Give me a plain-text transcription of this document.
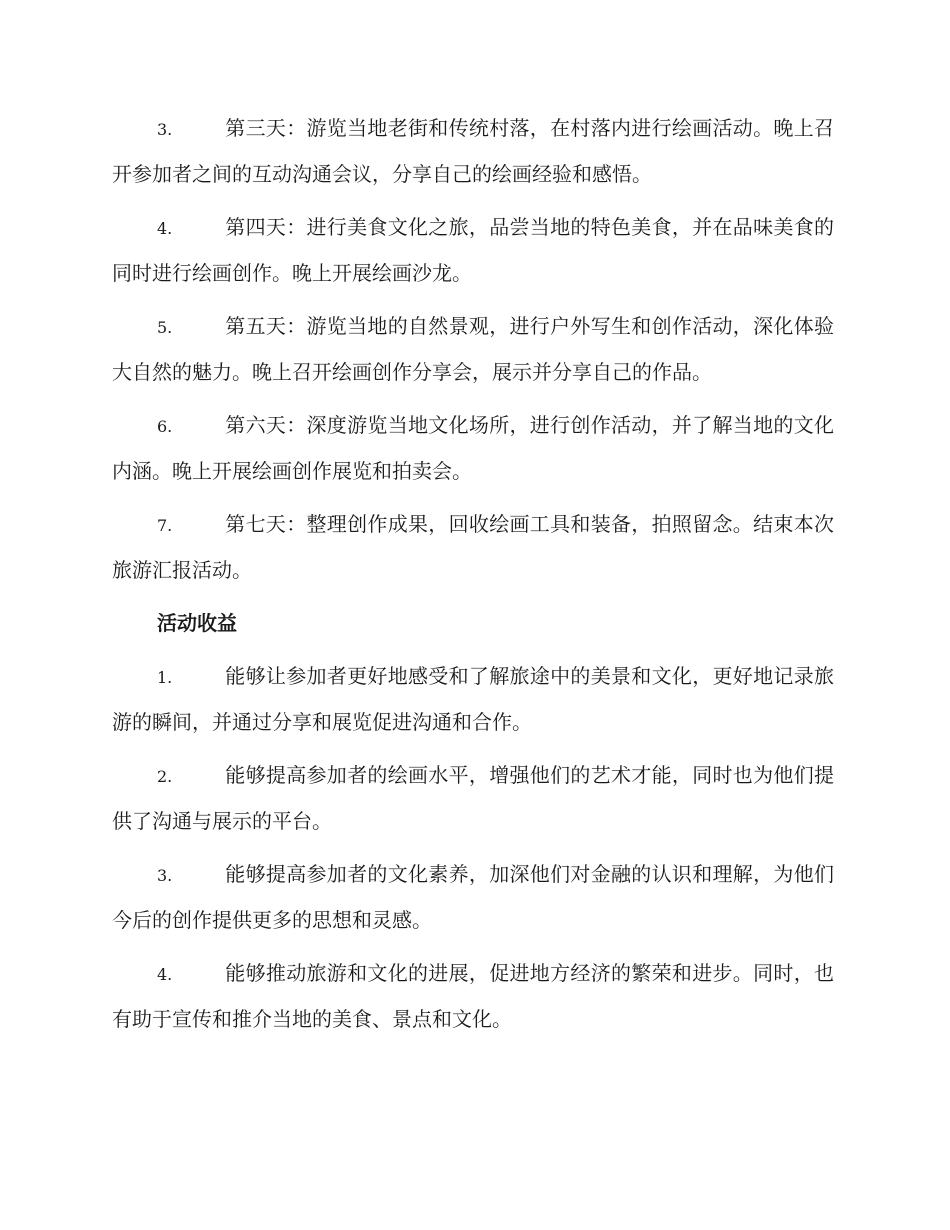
3.	第三天：游览当地老街和传统村落，在村落内进行绘画活动。晚上召开参加者之间的互动沟通会议，分享自己的绘画经验和感悟。
4.	第四天：进行美食文化之旅，品尝当地的特色美食，并在品味美食的同时进行绘画创作。晚上开展绘画沙龙。
5.	第五天：游览当地的自然景观，进行户外写生和创作活动，深化体验大自然的魅力。晚上召开绘画创作分享会，展示并分享自己的作品。
6.	第六天：深度游览当地文化场所，进行创作活动，并了解当地的文化内涵。晚上开展绘画创作展览和拍卖会。
7.	第七天：整理创作成果，回收绘画工具和装备，拍照留念。结束本次旅游汇报活动。
活动收益
1.	能够让参加者更好地感受和了解旅途中的美景和文化，更好地记录旅游的瞬间，并通过分享和展览促进沟通和合作。
2.	能够提高参加者的绘画水平，增强他们的艺术才能，同时也为他们提供了沟通与展示的平台。
3.	能够提高参加者的文化素养，加深他们对金融的认识和理解，为他们今后的创作提供更多的思想和灵感。
4.	能够推动旅游和文化的进展，促进地方经济的繁荣和进步。同时，也有助于宣传和推介当地的美食、景点和文化。
